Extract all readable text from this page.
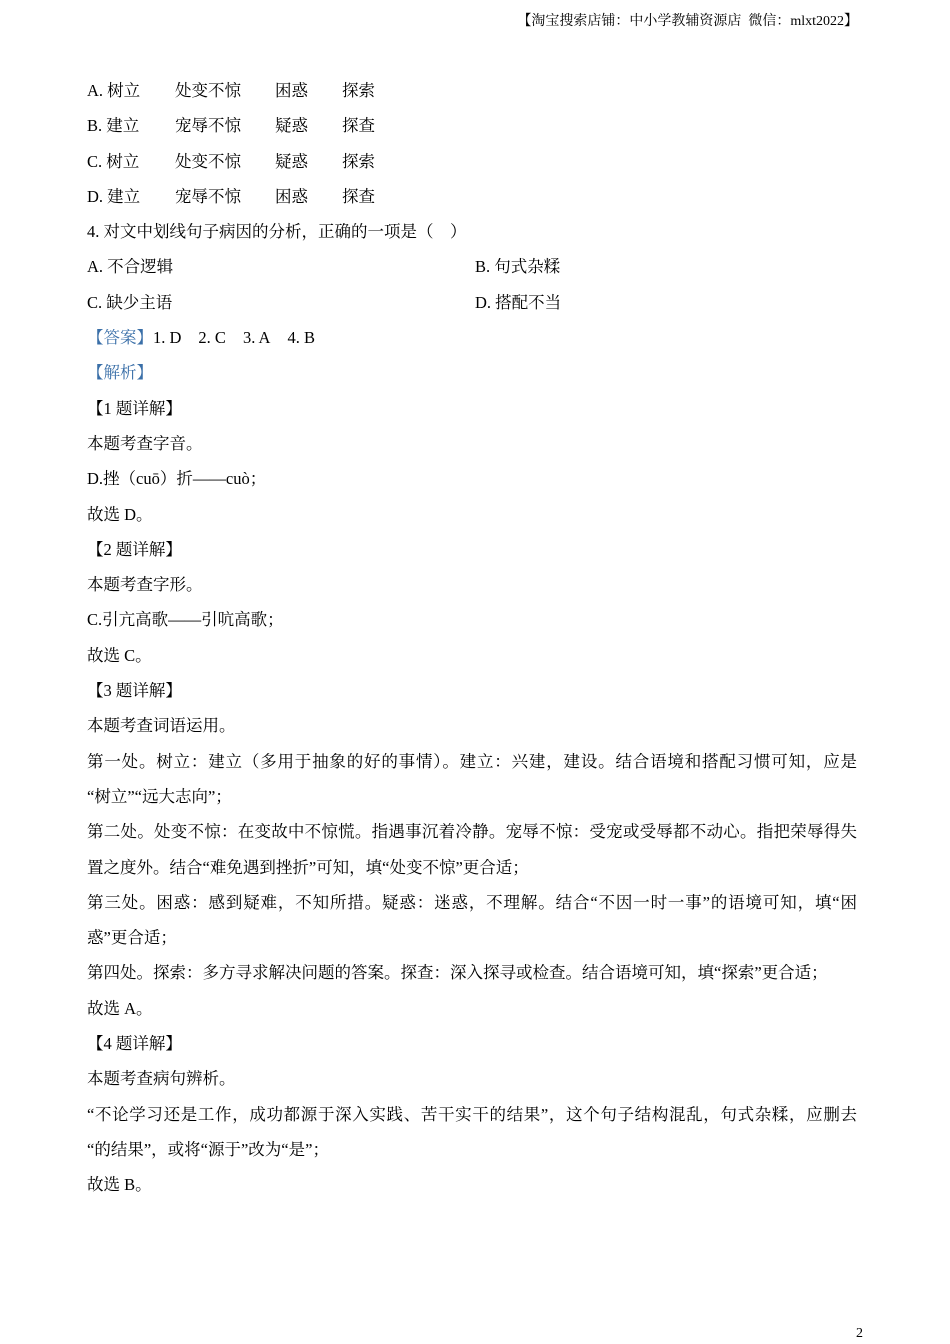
【淘宝搜索店铺：中小学教辅资源店  微信：mlxt2022】
A. 树立	处变不惊	困惑	探索
B. 建立	宠辱不惊	疑惑	探查
C. 树立	处变不惊	疑惑	探索
D. 建立	宠辱不惊	困惑	探查
4. 对文中划线句子病因的分析，正确的一项是（    ）
A. 不合逻辑	B. 句式杂糅
C. 缺少主语	D. 搭配不当
【答案】1. D 2. C 3. A 4. B
【解析】
【1 题详解】
本题考查字音。
D.挫（cuō）折——cuò；
故选 D。
【2 题详解】
本题考查字形。
C.引亢高歌——引吭高歌；
故选 C。
【3 题详解】
本题考查词语运用。
第一处。树立：建立（多用于抽象的好的事情）。建立：兴建，建设。结合语境和搭配习惯可知，应是
“树立”“远大志向”；
第二处。处变不惊：在变故中不惊慌。指遇事沉着冷静。宠辱不惊：受宠或受辱都不动心。指把荣辱得失
置之度外。结合“难免遇到挫折”可知，填“处变不惊”更合适；
第三处。困惑：感到疑难，不知所措。疑惑：迷惑，不理解。结合“不因一时一事”的语境可知，填“困
惑”更合适；
第四处。探索：多方寻求解决问题的答案。探查：深入探寻或检查。结合语境可知，填“探索”更合适；
故选 A。
【4 题详解】
本题考查病句辨析。
“不论学习还是工作，成功都源于深入实践、苦干实干的结果”，这个句子结构混乱，句式杂糅，应删去
“的结果”，或将“源于”改为“是”；
故选 B。
2
